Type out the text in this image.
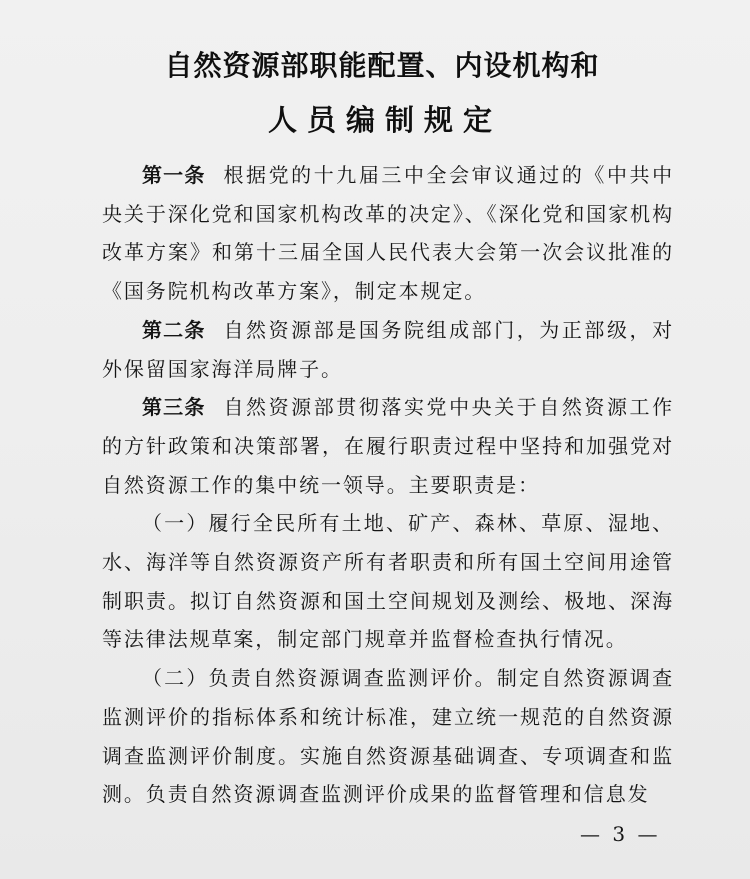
自然资源部职能配置、内设机构和
人员编制规定

第一条 根据党的十九届三中全会审议通过的《中共中央关于深化党和国家机构改革的决定》、《深化党和国家机构改革方案》和第十三届全国人民代表大会第一次会议批准的《国务院机构改革方案》，制定本规定。

第二条 自然资源部是国务院组成部门，为正部级，对外保留国家海洋局牌子。

第三条 自然资源部贯彻落实党中央关于自然资源工作的方针政策和决策部署，在履行职责过程中坚持和加强党对自然资源工作的集中统一领导。主要职责是：

（一）履行全民所有土地、矿产、森林、草原、湿地、水、海洋等自然资源资产所有者职责和所有国土空间用途管制职责。拟订自然资源和国土空间规划及测绘、极地、深海等法律法规草案，制定部门规章并监督检查执行情况。

（二）负责自然资源调查监测评价。制定自然资源调查监测评价的指标体系和统计标准，建立统一规范的自然资源调查监测评价制度。实施自然资源基础调查、专项调查和监测。负责自然资源调查监测评价成果的监督管理和信息发

— 3 —
